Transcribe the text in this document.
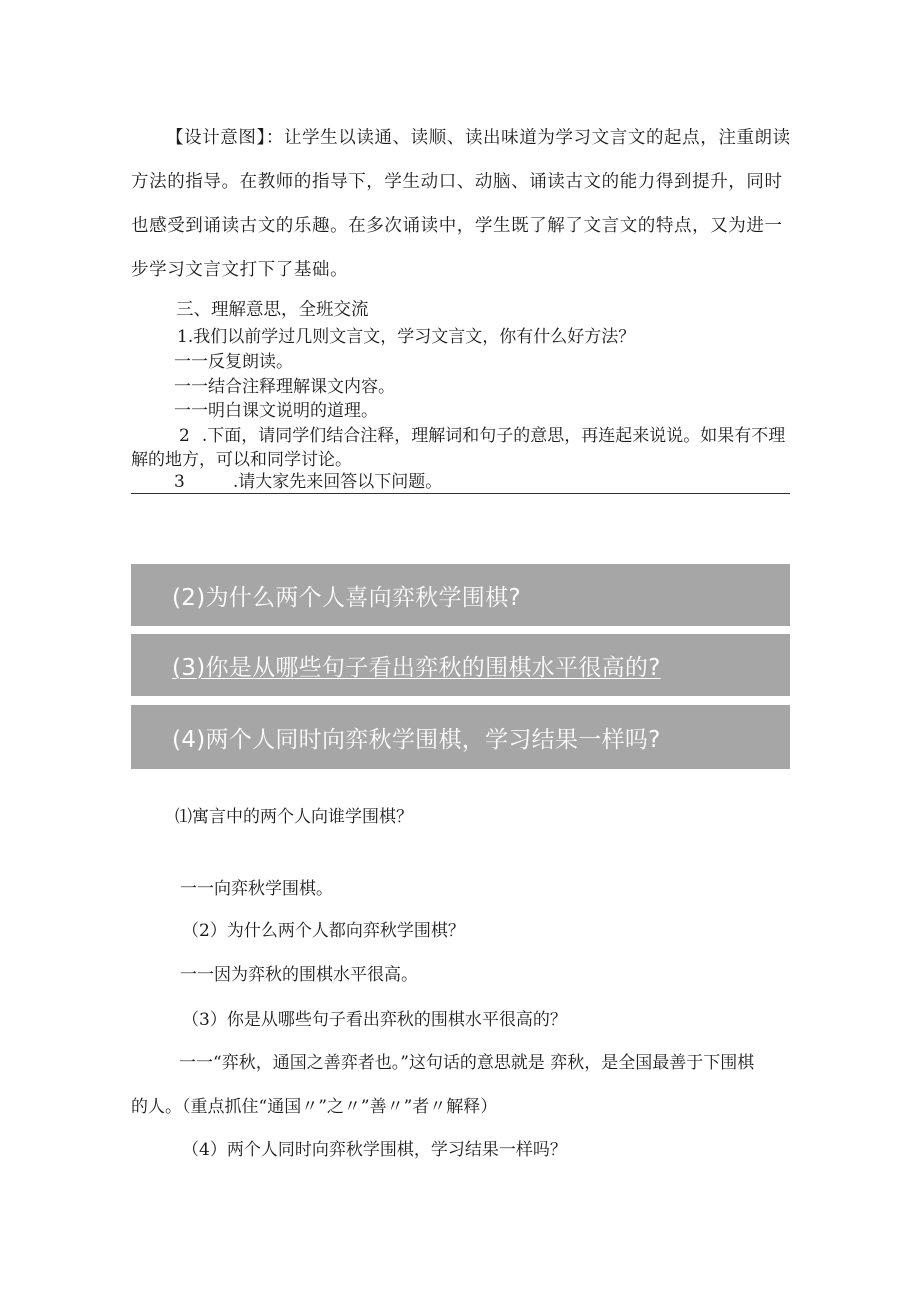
【设计意图】：让学生以读通、读顺、读出味道为学习文言文的起点，注重朗读方法的指导。在教师的指导下，学生动口、动脑、诵读古文的能力得到提升，同时也感受到诵读古文的乐趣。在多次诵读中，学生既了解了文言文的特点，又为进一步学习文言文打下了基础。
三、理解意思，全班交流
1.我们以前学过几则文言文，学习文言文，你有什么好方法？
一一反复朗读。
一一结合注释理解课文内容。
一一明白课文说明的道理。
2 .下面，请同学们结合注释，理解词和句子的意思，再连起来说说。如果有不理
解的地方，可以和同学讨论。
3	.请大家先来回答以下问题。
(2)为什么两个人喜向弈秋学围棋?
(3)你是从哪些句子看出弈秋的围棋水平很高的?
(4)两个人同时向弈秋学围棋，学习结果一样吗?
⑴寓言中的两个人向谁学围棋？
一一向弈秋学围棋。
（2）为什么两个人都向弈秋学围棋？
一一因为弈秋的围棋水平很高。
（3）你是从哪些句子看出弈秋的围棋水平很高的？
一一“弈秋，通国之善弈者也。”这句话的意思就是 弈秋，是全国最善于下围棋
的人。（重点抓住“通国〃”之〃”善〃”者〃解释）
（4）两个人同时向弈秋学围棋，学习结果一样吗？
